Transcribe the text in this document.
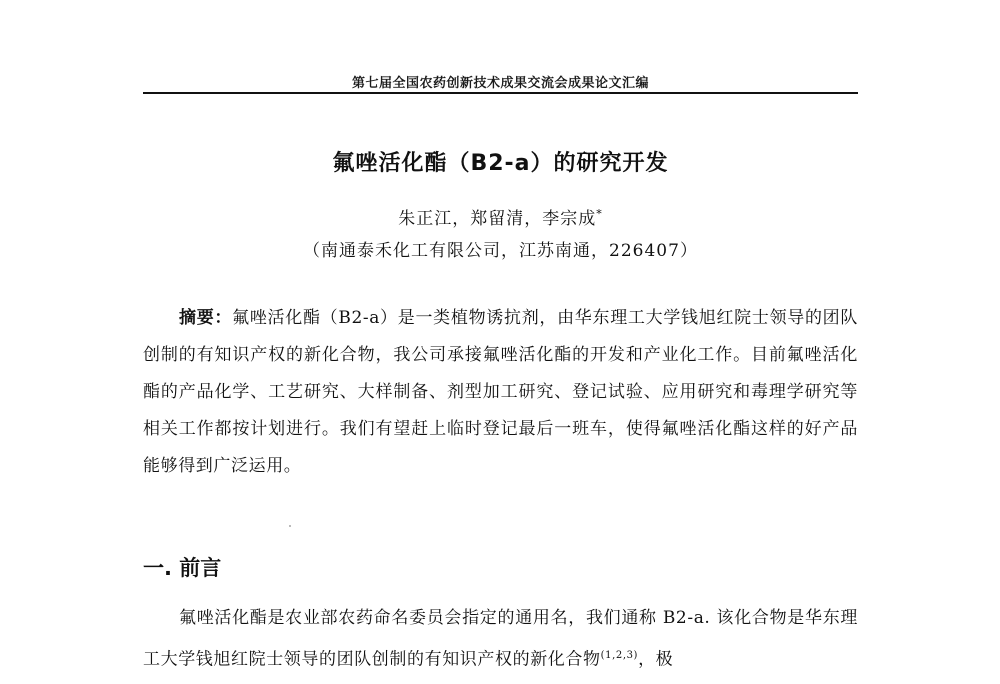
第七届全国农药创新技术成果交流会成果论文汇编
氟唑活化酯（B2-a）的研究开发
朱正江，郑留清，李宗成*
（南通泰禾化工有限公司，江苏南通，226407）

摘要：氟唑活化酯（B2-a）是一类植物诱抗剂，由华东理工大学钱旭红院士领导的团队创制的有知识产权的新化合物，我公司承接氟唑活化酯的开发和产业化工作。目前氟唑活化酯的产品化学、工艺研究、大样制备、剂型加工研究、登记试验、应用研究和毒理学研究等相关工作都按计划进行。我们有望赶上临时登记最后一班车，使得氟唑活化酯这样的好产品能够得到广泛运用。

一. 前言

氟唑活化酯是农业部农药命名委员会指定的通用名，我们通称 B2-a. 该化合物是华东理工大学钱旭红院士领导的团队创制的有知识产权的新化合物$^{(1,2,3)}$，极
